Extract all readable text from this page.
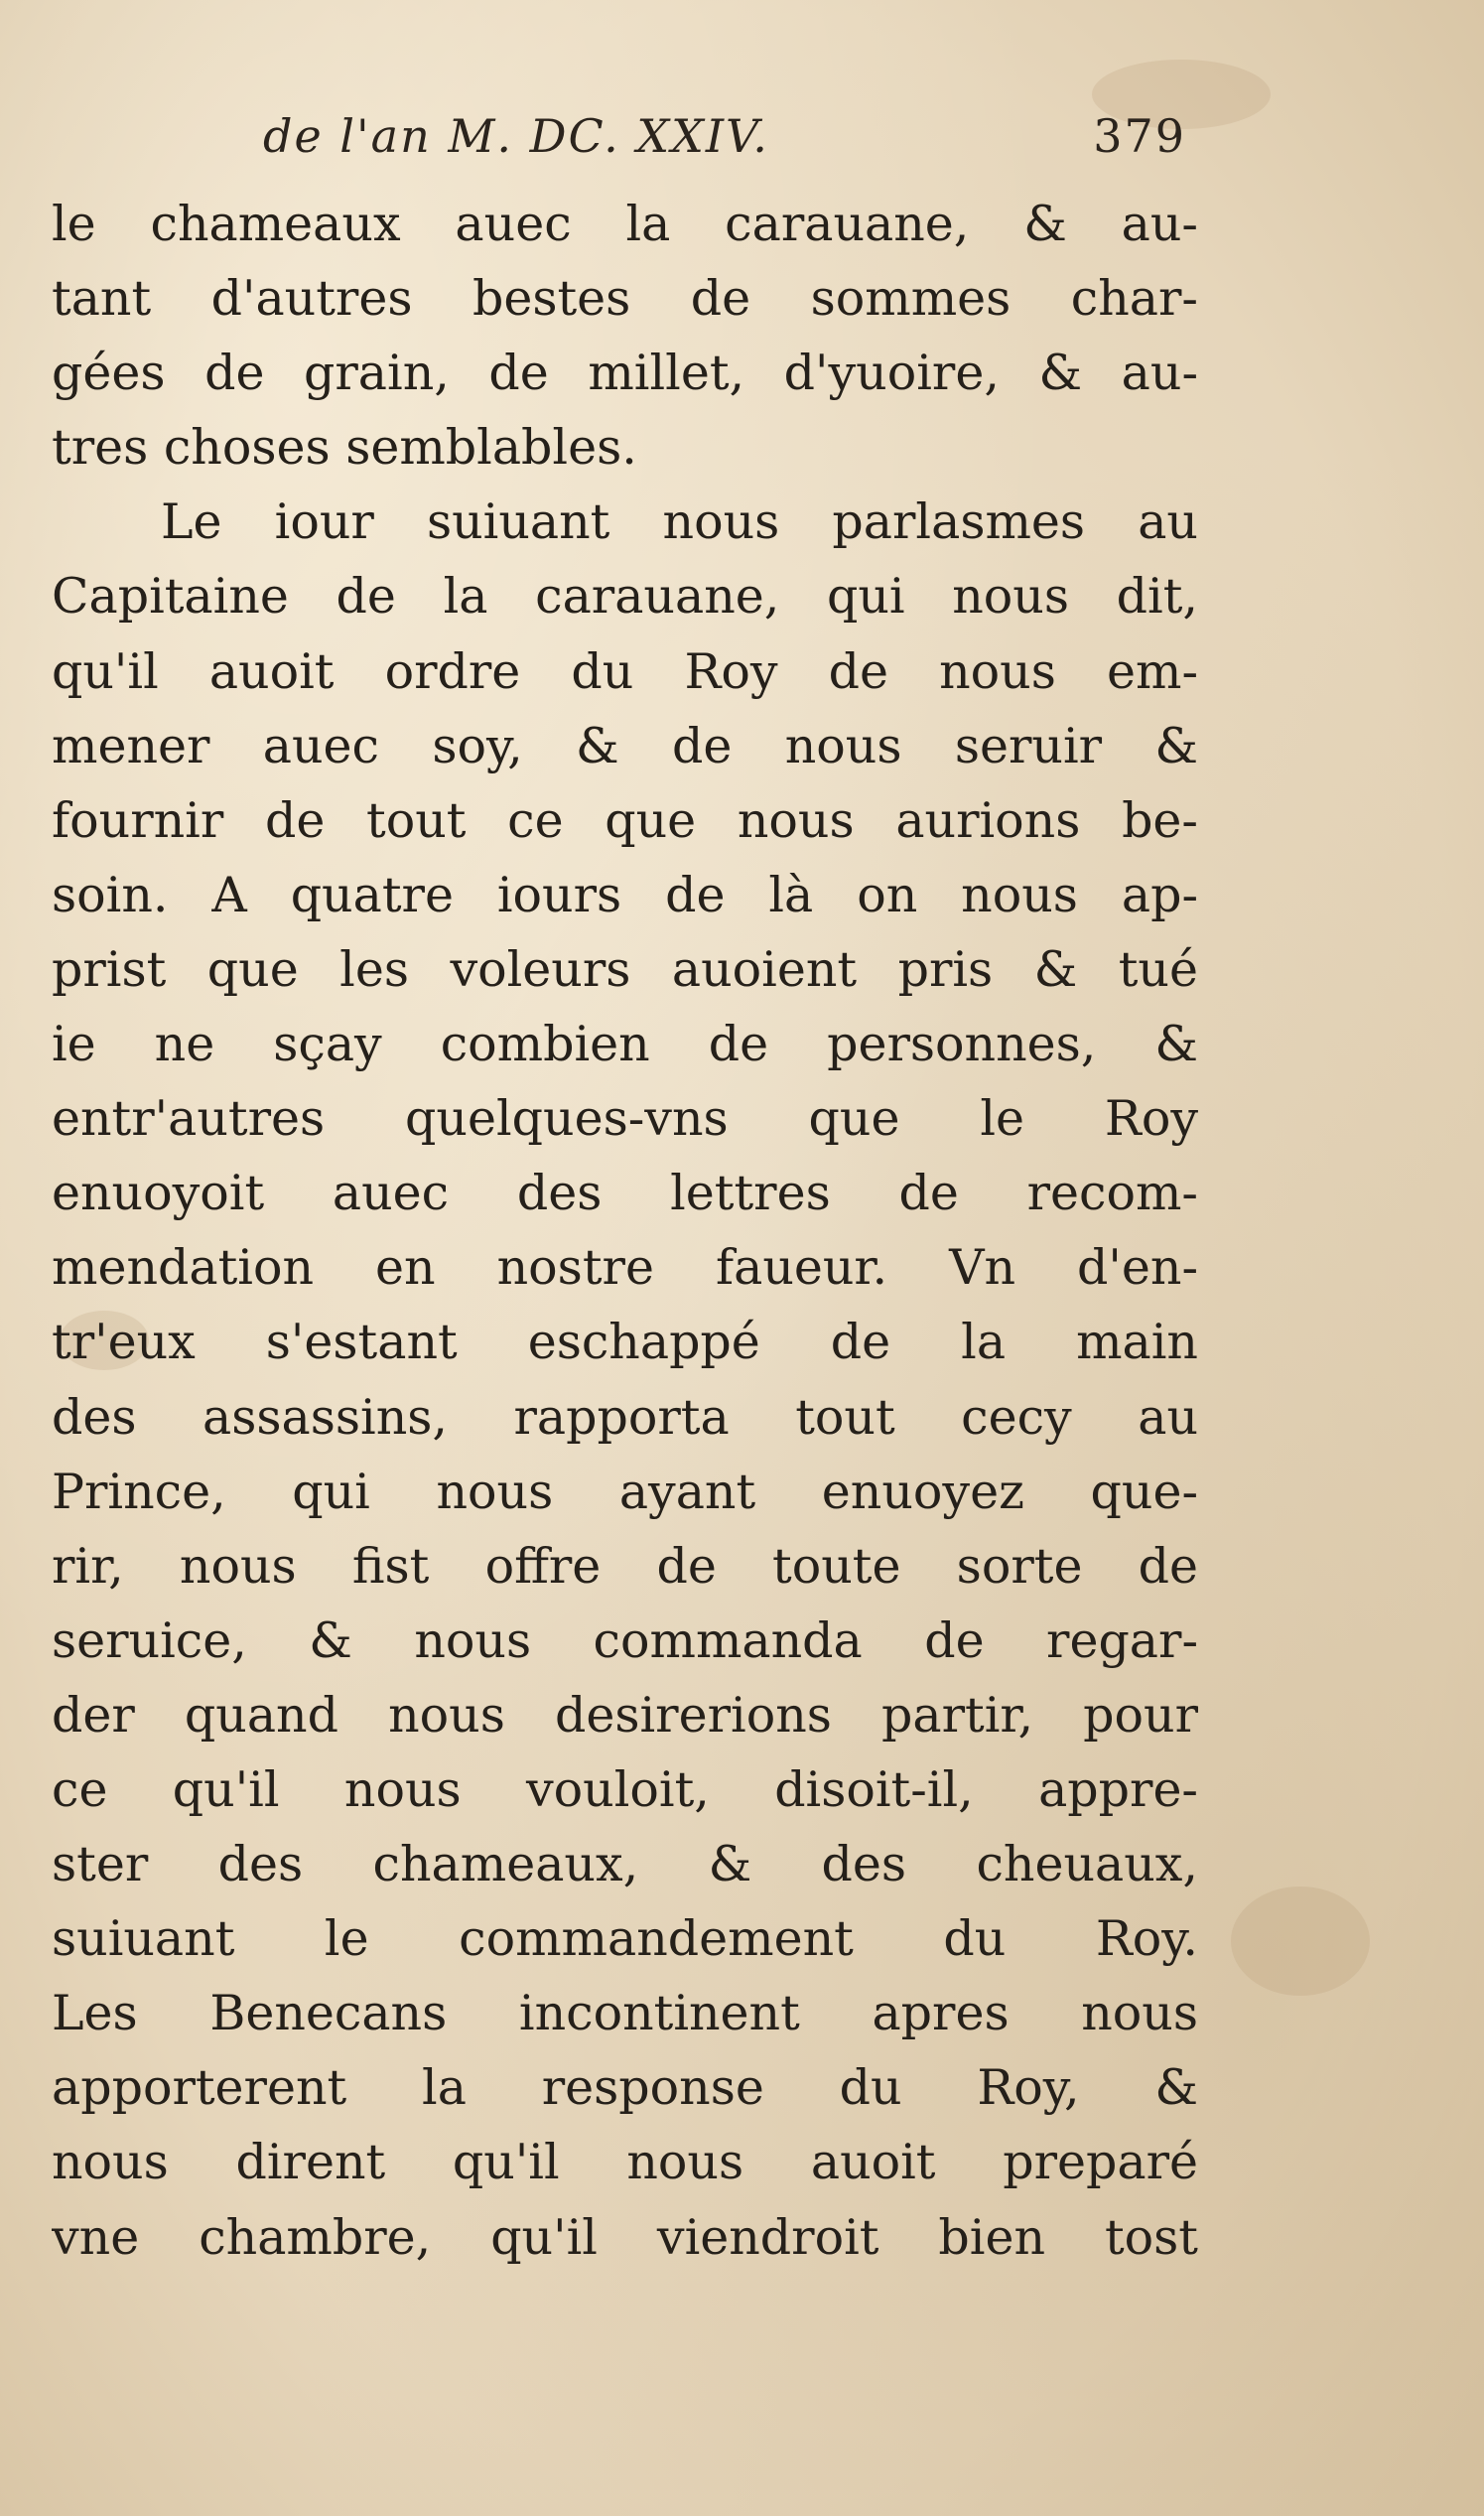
de l'an M. DC. XXIV.	379
le chameaux auec la carauane, & au-
tant d'autres bestes de sommes char-
gées de grain, de millet, d'yuoire, & au-
tres choses semblables.
Le iour suiuant nous parlasmes au
Capitaine de la carauane, qui nous dit,
qu'il auoit ordre du Roy de nous em-
mener auec soy, & de nous seruir &
fournir de tout ce que nous aurions be-
soin. A quatre iours de là on nous ap-
prist que les voleurs auoient pris & tué
ie ne sçay combien de personnes, &
entr'autres quelques-vns que le Roy
enuoyoit auec des lettres de recom-
mendation en nostre faueur. Vn d'en-
tr'eux s'estant eschappé de la main
des assassins, rapporta tout cecy au
Prince, qui nous ayant enuoyez que-
rir, nous fist offre de toute sorte de
seruice, & nous commanda de regar-
der quand nous desirerions partir, pour
ce qu'il nous vouloit, disoit-il, appre-
ster des chameaux, & des cheuaux,
suiuant le commandement du Roy.
Les Benecans incontinent apres nous
apporterent la response du Roy, &
nous dirent qu'il nous auoit preparé
vne chambre, qu'il viendroit bien tost
